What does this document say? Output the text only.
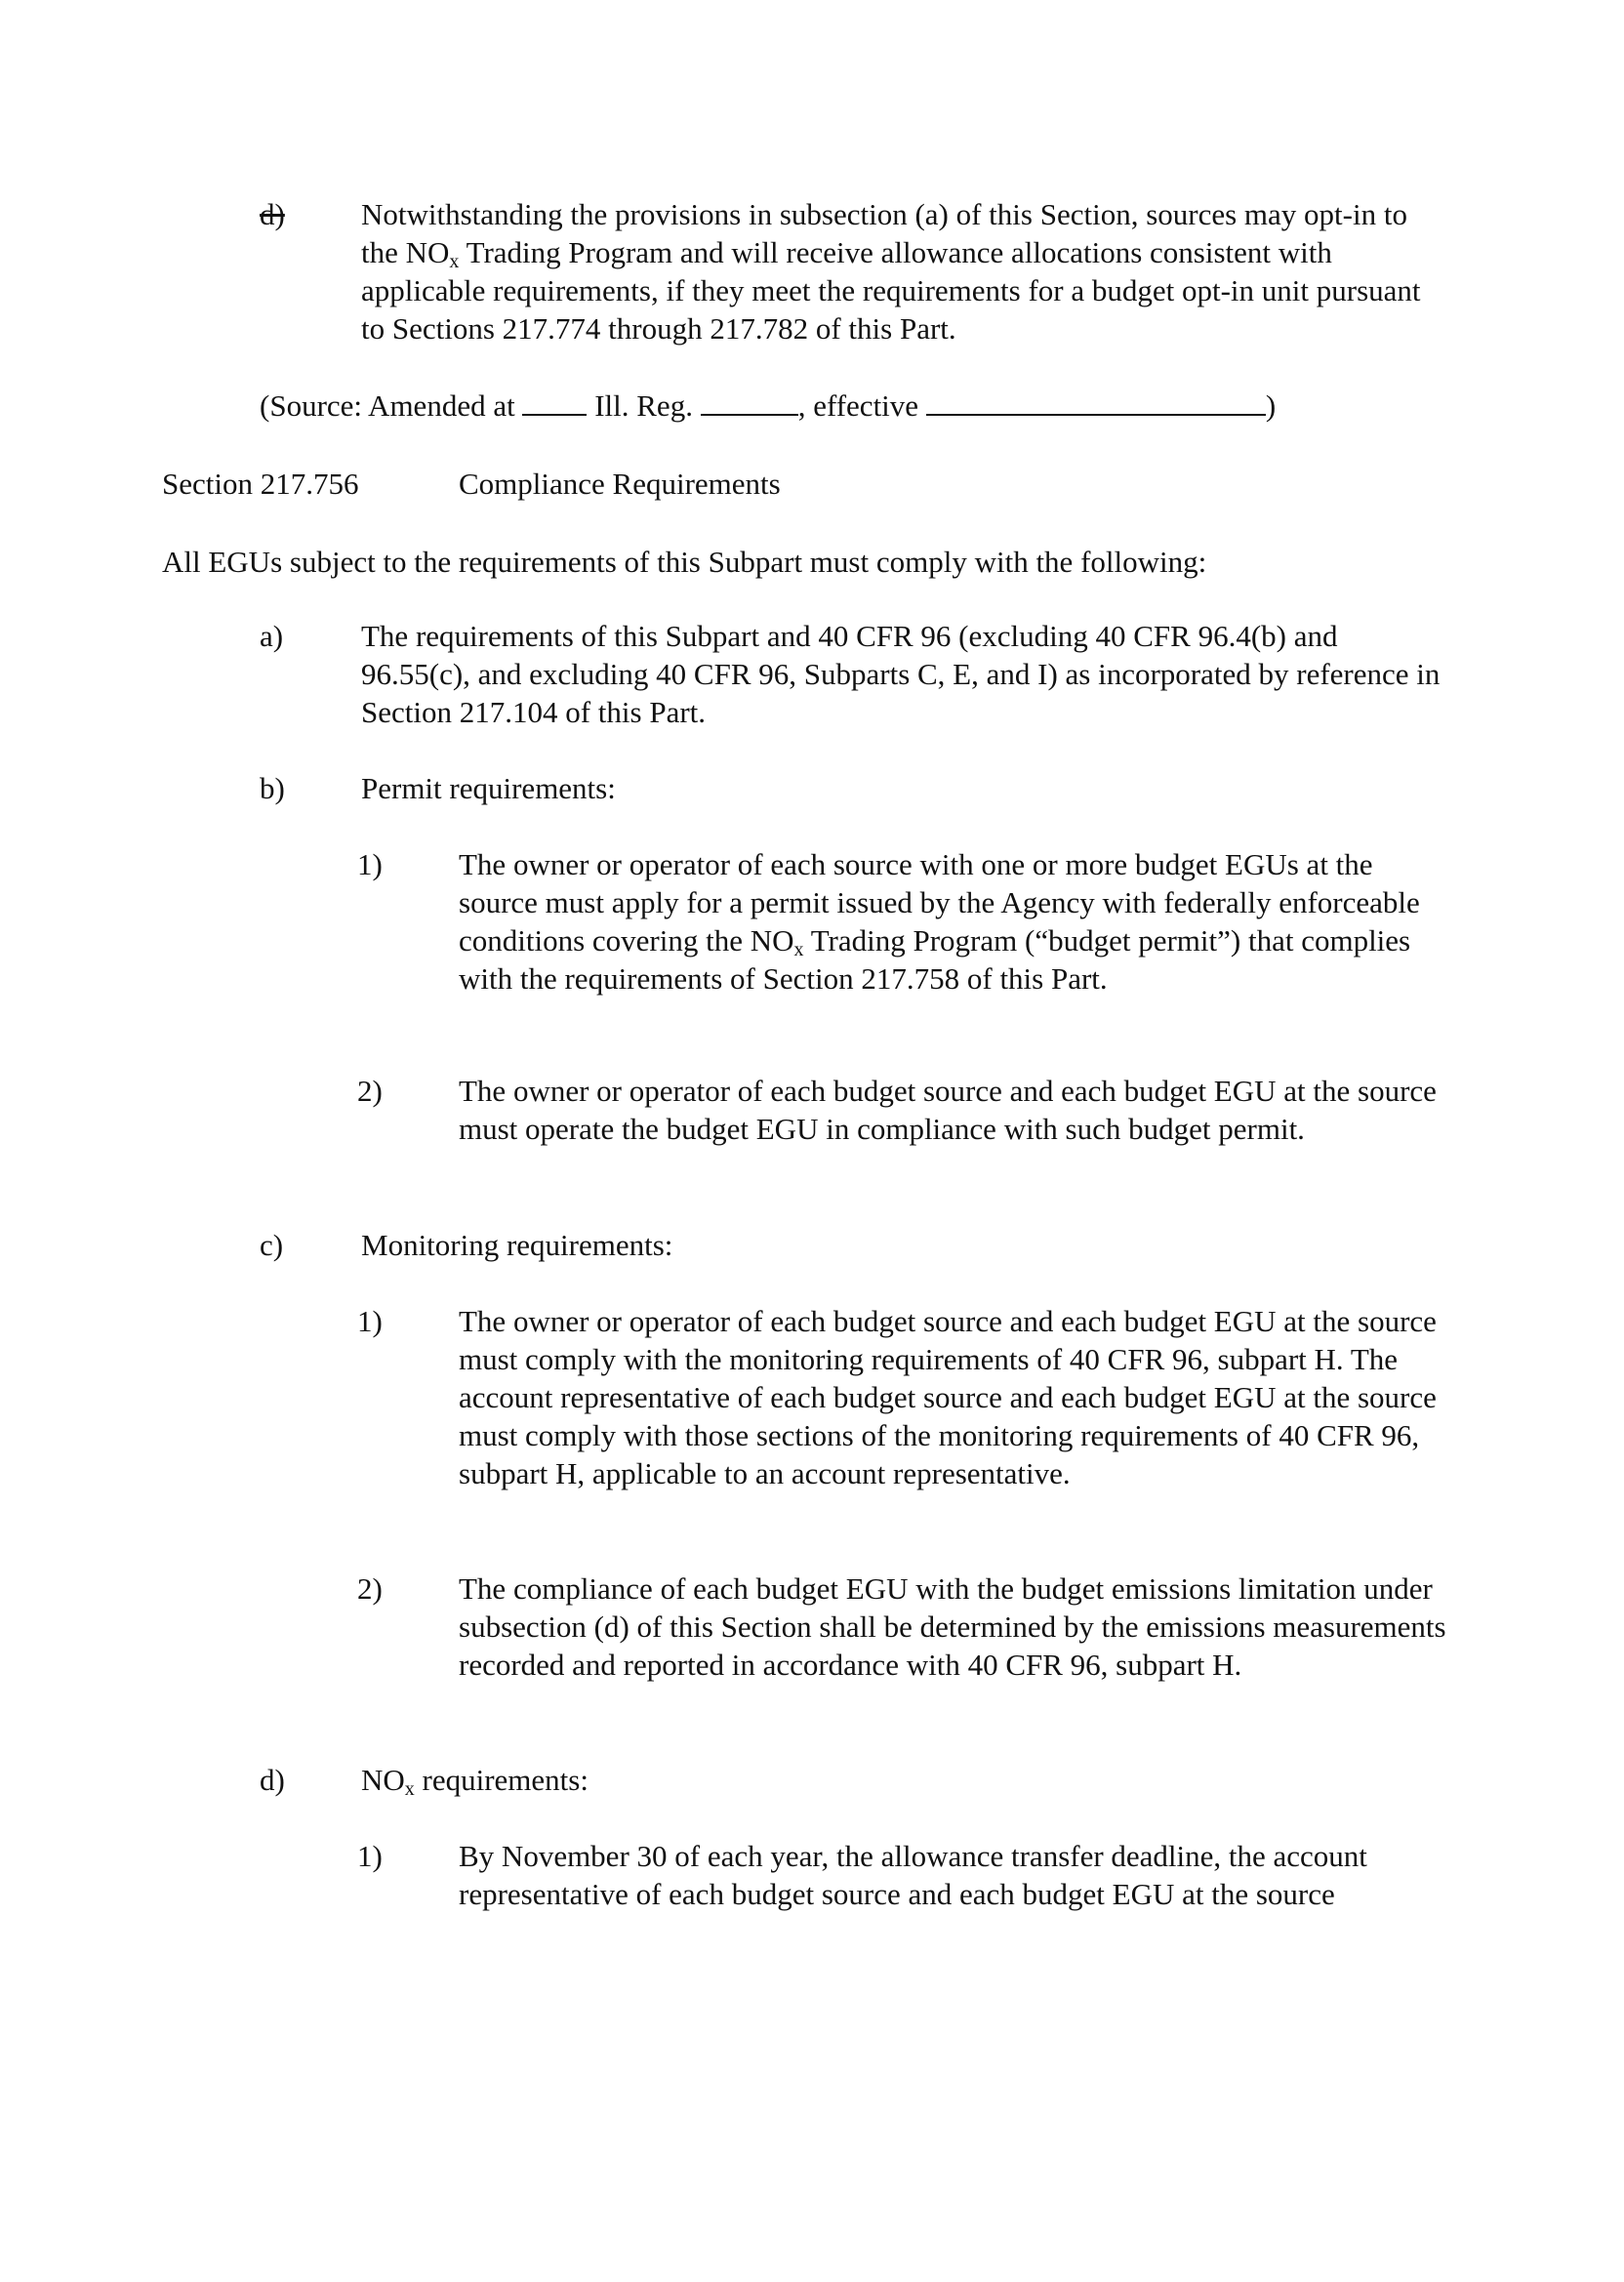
d)	Notwithstanding the provisions in subsection (a) of this Section, sources may opt-in to the $NO_x$ Trading Program and will receive allowance allocations consistent with applicable requirements, if they meet the requirements for a budget opt-in unit pursuant to Sections 217.774 through 217.782 of this Part.

(Source: Amended at	Ill. Reg.	, effective	)
Section 217.756	Compliance Requirements
All EGUs subject to the requirements of this Subpart must comply with the following:
a)	The requirements of this Subpart and 40 CFR 96 (excluding 40 CFR 96.4(b) and 96.55(c), and excluding 40 CFR 96, Subparts C, E, and I) as incorporated by reference in Section 217.104 of this Part.

b)	Permit requirements:

1)	The owner or operator of each source with one or more budget EGUs at the source must apply for a permit issued by the Agency with federally enforceable conditions covering the $NO_x$ Trading Program (“budget permit”) that complies with the requirements of Section 217.758 of this Part.

2)	The owner or operator of each budget source and each budget EGU at the source must operate the budget EGU in compliance with such budget permit.

c)	Monitoring requirements:

1)	The owner or operator of each budget source and each budget EGU at the source must comply with the monitoring requirements of 40 CFR 96, subpart H. The account representative of each budget source and each budget EGU at the source must comply with those sections of the monitoring requirements of 40 CFR 96, subpart H, applicable to an account representative.

2)	The compliance of each budget EGU with the budget emissions limitation under subsection (d) of this Section shall be determined by the emissions measurements recorded and reported in accordance with 40 CFR 96, subpart H.

d)	$NO_x$ requirements:

1)	By November 30 of each year, the allowance transfer deadline, the account representative of each budget source and each budget EGU at the source
